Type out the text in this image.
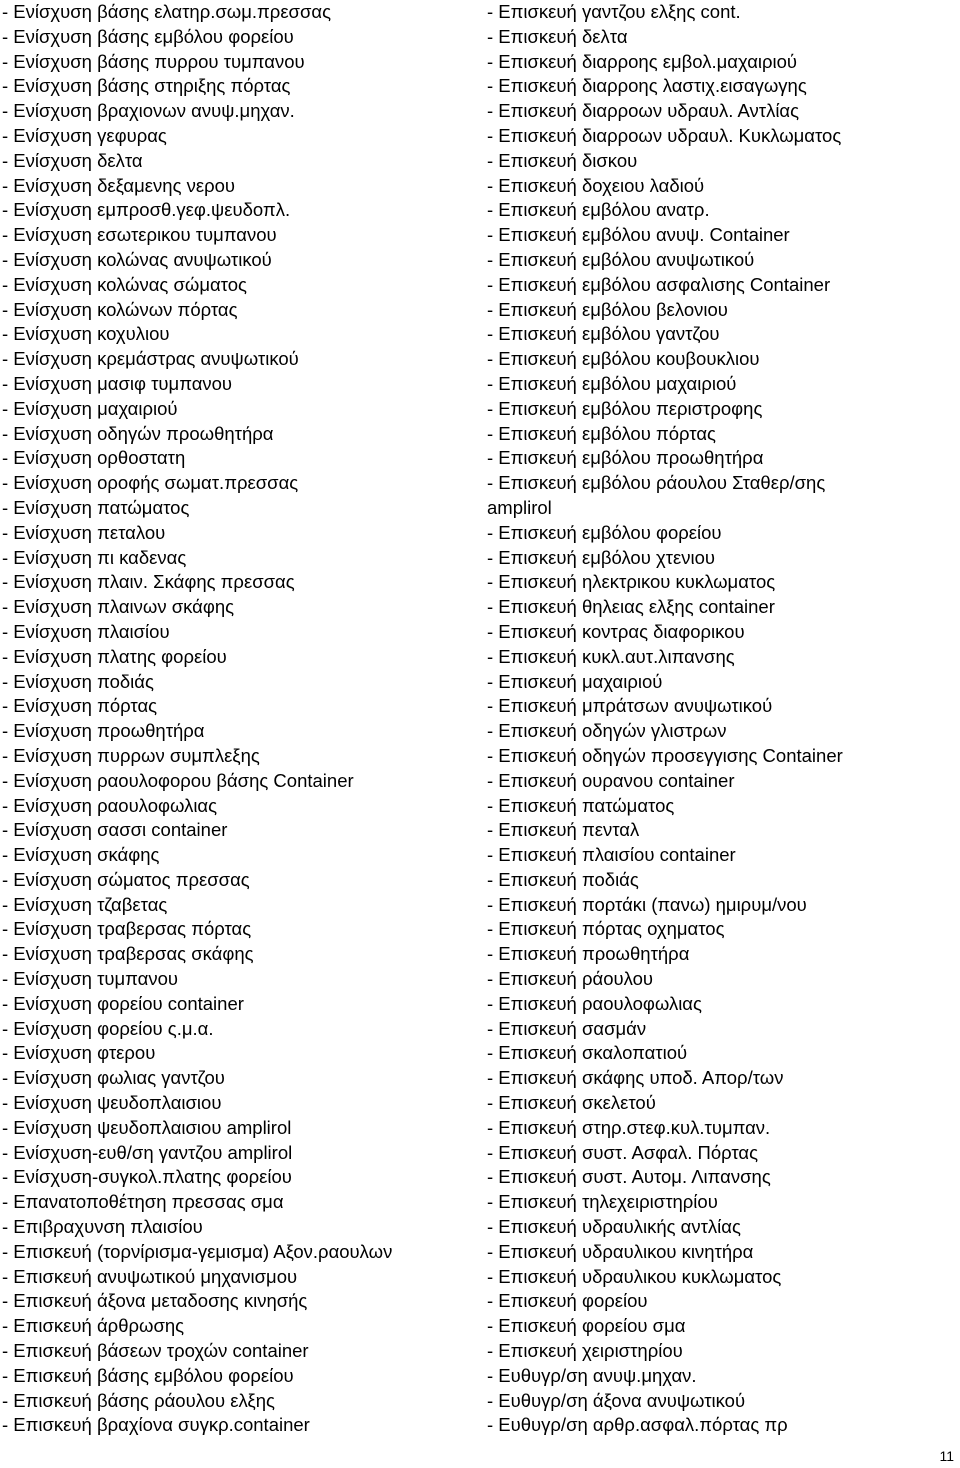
- Ενίσχυση βάσης ελατηρ.σωμ.πρεσσας
- Ενίσχυση βάσης εμβόλου φορείου
- Ενίσχυση βάσης πυρρου τυμπανου
- Ενίσχυση βάσης στηριξης πόρτας
- Ενίσχυση βραχιονων ανυψ.μηχαν.
- Ενίσχυση γεφυρας
- Ενίσχυση δελτα
- Ενίσχυση δεξαμενης νερου
- Ενίσχυση εμπροσθ.γεφ.ψευδοπλ.
- Ενίσχυση εσωτερικου τυμπανου
- Ενίσχυση κολώνας ανυψωτικού
- Ενίσχυση κολώνας σώματος
- Ενίσχυση κολώνων πόρτας
- Ενίσχυση κοχυλιου
- Ενίσχυση κρεμάστρας ανυψωτικού
- Ενίσχυση μασιφ τυμπανου
- Ενίσχυση μαχαιριού
- Ενίσχυση οδηγών προωθητήρα
- Ενίσχυση ορθοστατη
- Ενίσχυση οροφής σωματ.πρεσσας
- Ενίσχυση πατώματος
- Ενίσχυση πεταλου
- Ενίσχυση πι καδενας
- Ενίσχυση πλαιν. Σκάφης πρεσσας
- Ενίσχυση πλαινων σκάφης
- Ενίσχυση πλαισίου
- Ενίσχυση πλατης φορείου
- Ενίσχυση ποδιάς
- Ενίσχυση πόρτας
- Ενίσχυση προωθητήρα
- Ενίσχυση πυρρων συμπλεξης
- Ενίσχυση ραουλοφορου βάσης Container
- Ενίσχυση ραουλοφωλιας
- Ενίσχυση σασσι container
- Ενίσχυση σκάφης
- Ενίσχυση σώματος πρεσσας
- Ενίσχυση τζαβετας
- Ενίσχυση τραβερσας πόρτας
- Ενίσχυση τραβερσας σκάφης
- Ενίσχυση τυμπανου
- Ενίσχυση φορείου container
- Ενίσχυση φορείου ς.μ.α.
- Ενίσχυση φτερου
- Ενίσχυση φωλιας γαντζου
- Ενίσχυση ψευδοπλαισιου
- Ενίσχυση ψευδοπλαισιου amplirol
- Ενίσχυση-ευθ/ση γαντζου amplirol
- Ενίσχυση-συγκολ.πλατης φορείου
- Επανατοποθέτηση πρεσσας σμα
- Επιβραχυνση πλαισίου
- Επισκευή (τορνίρισμα-γεμισμα) Αξον.ραουλων
- Επισκευή ανυψωτικού μηχανισμου
- Επισκευή άξονα μεταδοσης κινησής
- Επισκευή άρθρωσης
- Επισκευή βάσεων τροχών container
- Επισκευή βάσης εμβόλου φορείου
- Επισκευή βάσης ράουλου ελξης
- Επισκευή βραχίονα συγκρ.container
- Επισκευή γαντζου ελξης cont.
- Επισκευή δελτα
- Επισκευή διαρροης εμβολ.μαχαιριού
- Επισκευή διαρροης λαστιχ.εισαγωγης
- Επισκευή διαρροων υδραυλ. Αντλίας
- Επισκευή διαρροων υδραυλ. Κυκλωματος
- Επισκευή δισκου
- Επισκευή δοχειου λαδιού
- Επισκευή εμβόλου ανατρ.
- Επισκευή εμβόλου ανυψ. Container
- Επισκευή εμβόλου ανυψωτικού
- Επισκευή εμβόλου ασφαλισης Container
- Επισκευή εμβόλου βελονιου
- Επισκευή εμβόλου γαντζου
- Επισκευή εμβόλου κουβουκλιου
- Επισκευή εμβόλου μαχαιριού
- Επισκευή εμβόλου περιστροφης
- Επισκευή εμβόλου πόρτας
- Επισκευή εμβόλου προωθητήρα
- Επισκευή εμβόλου ράουλου Σταθερ/σης
amplirol
- Επισκευή εμβόλου φορείου
- Επισκευή εμβόλου χτενιου
- Επισκευή ηλεκτρικου κυκλωματος
- Επισκευή θηλειας ελξης container
- Επισκευή κοντρας διαφορικου
- Επισκευή κυκλ.αυτ.λιπανσης
- Επισκευή μαχαιριού
- Επισκευή μπράτσων ανυψωτικού
- Επισκευή οδηγών γλιστρων
- Επισκευή οδηγών προσεγγισης Container
- Επισκευή ουρανου container
- Επισκευή πατώματος
- Επισκευή πενταλ
- Επισκευή πλαισίου container
- Επισκευή ποδιάς
- Επισκευή πορτάκι (πανω) ημιρυμ/νου
- Επισκευή πόρτας οχηματος
- Επισκευή προωθητήρα
- Επισκευή ράουλου
- Επισκευή ραουλοφωλιας
- Επισκευή σασμάν
- Επισκευή σκαλοπατιού
- Επισκευή σκάφης υποδ. Απορ/των
- Επισκευή σκελετού
- Επισκευή στηρ.στεφ.κυλ.τυμπαν.
- Επισκευή συστ. Ασφαλ. Πόρτας
- Επισκευή συστ. Αυτομ. Λιπανσης
- Επισκευή τηλεχειριστηρίου
- Επισκευή υδραυλικής αντλίας
- Επισκευή υδραυλικου κινητήρα
- Επισκευή υδραυλικου κυκλωματος
- Επισκευή φορείου
- Επισκευή φορείου σμα
- Επισκευή χειριστηρίου
- Ευθυγρ/ση ανυψ.μηχαν.
- Ευθυγρ/ση άξονα ανυψωτικού
- Ευθυγρ/ση αρθρ.ασφαλ.πόρτας πρ
11
